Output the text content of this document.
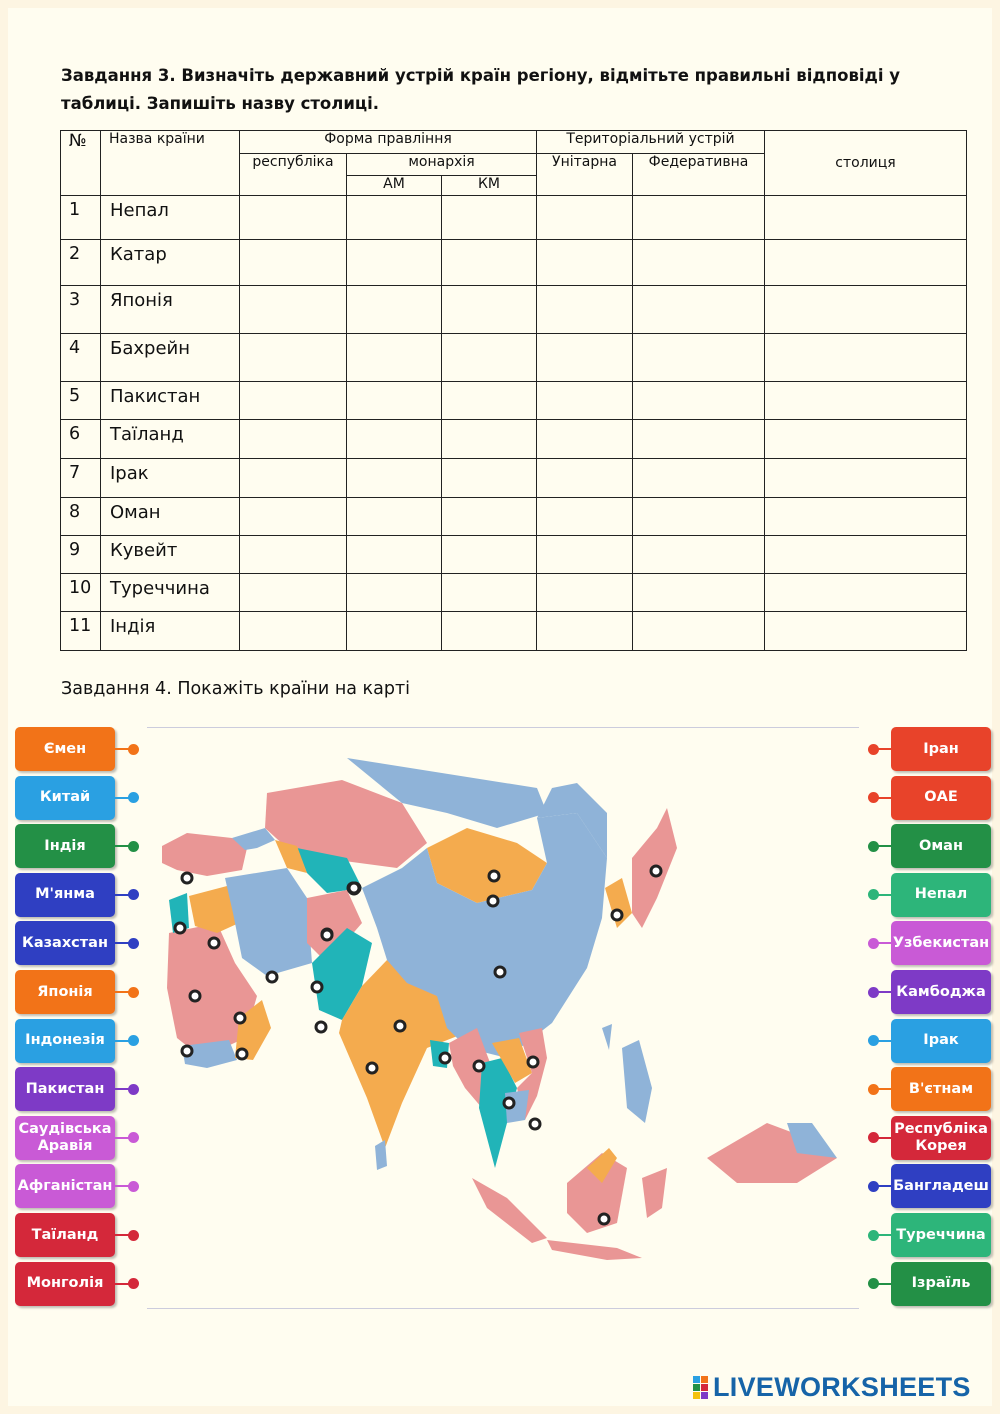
Завдання 3. Визначіть державний устрій країн регіону, відмітьте правильні відповіді у
таблиці. Запишіть назву столиці.
№	Назва країни	Форма правління			Територіальний устрій		столиця
		республіка	монархія		Унітарна	Федеративна	
			АМ	КМ			
1	Непал						
2	Катар						
3	Японія						
4	Бахрейн						
5	Пакистан						
6	Таїланд						
7	Ірак						
8	Оман						
9	Кувейт						
10	Туреччина						
11	Індія						
Завдання 4. Покажіть країни на карті
Ємен
Китай
Індія
М'янма
Казахстан
Японія
Індонезія
Пакистан
Саудівська Аравія
Афганістан
Таїланд
Монголія
Іран
ОАЕ
Оман
Непал
Узбекистан
Камбоджа
Ірак
В'єтнам
Республіка Корея
Бангладеш
Туреччина
Ізраїль
LIVEWORKSHEETS
